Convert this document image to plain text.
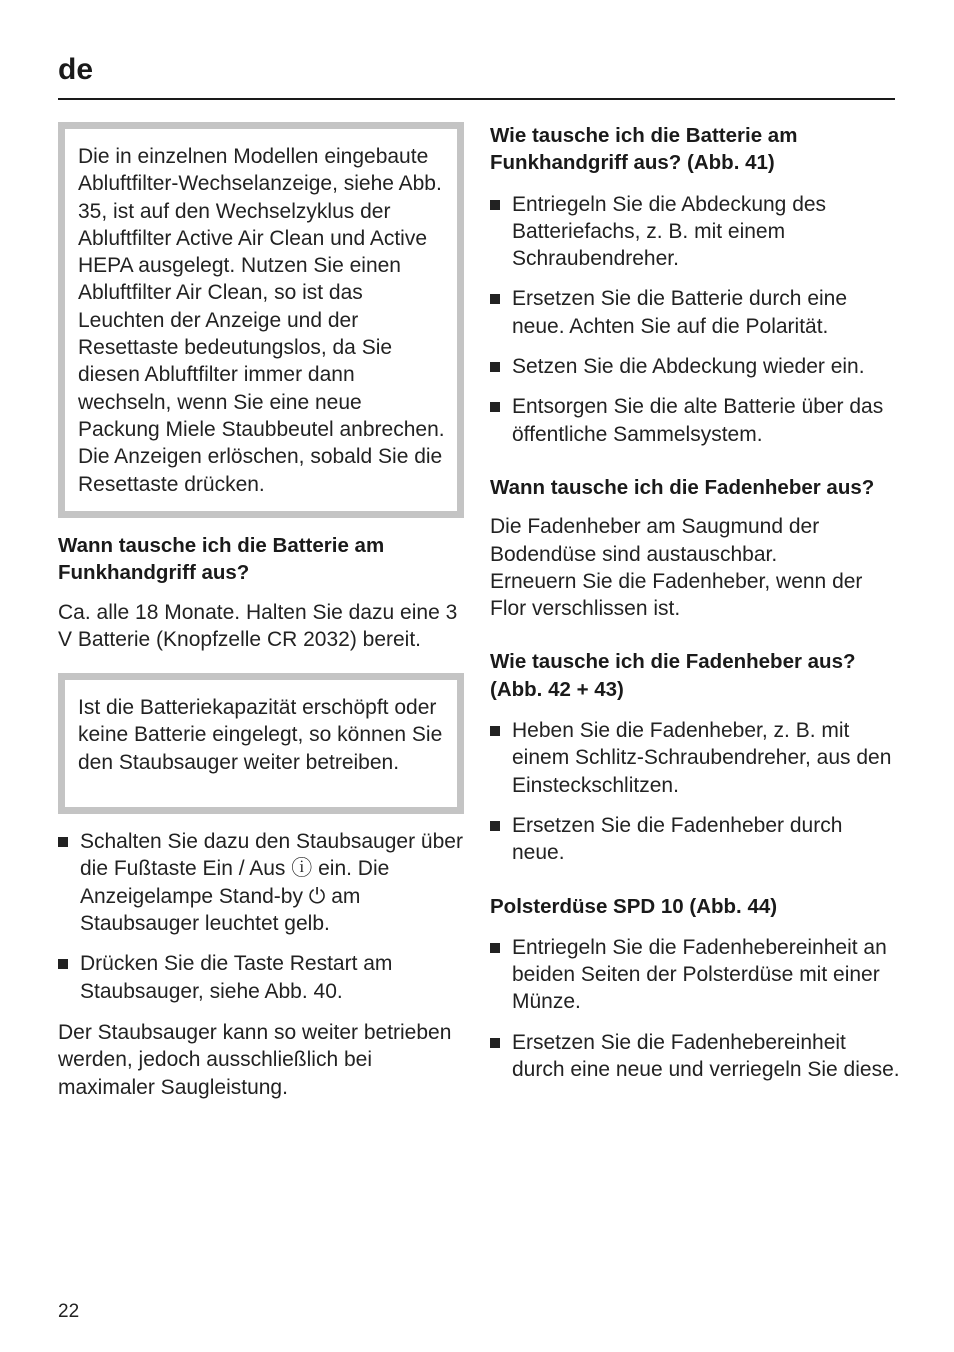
de

Die in einzelnen Modellen eingebaute Abluftfilter-Wechselanzeige, siehe Abb. 35, ist auf den Wechselzyklus der Abluftfilter Active Air Clean und Active HEPA ausgelegt. Nutzen Sie einen Abluftfilter Air Clean, so ist das Leuchten der Anzeige und der Resettaste bedeutungslos, da Sie diesen Abluftfilter immer dann wechseln, wenn Sie eine neue Packung Miele Staubbeutel anbrechen. Die Anzeigen erlöschen, sobald Sie die Resettaste drücken.

Wann tausche ich die Batterie am Funkhandgriff aus?

Ca. alle 18 Monate. Halten Sie dazu eine 3 V Batterie (Knopfzelle CR 2032) bereit.

Ist die Batteriekapazität erschöpft oder keine Batterie eingelegt, so können Sie den Staubsauger weiter betreiben.

Schalten Sie dazu den Staubsauger über die Fußtaste Ein / Aus ⓘ ein. Die Anzeigelampe Stand-by ⏻ am Staubsauger leuchtet gelb.
Drücken Sie die Taste Restart am Staubsauger, siehe Abb. 40.

Der Staubsauger kann so weiter betrieben werden, jedoch ausschließlich bei maximaler Saugleistung.

Wie tausche ich die Batterie am Funkhandgriff aus? (Abb. 41)
Entriegeln Sie die Abdeckung des Batteriefachs, z. B. mit einem Schraubendreher.
Ersetzen Sie die Batterie durch eine neue. Achten Sie auf die Polarität.
Setzen Sie die Abdeckung wieder ein.
Entsorgen Sie die alte Batterie über das öffentliche Sammelsystem.
Wann tausche ich die Fadenheber aus?

Die Fadenheber am Saugmund der Bodendüse sind austauschbar.

Erneuern Sie die Fadenheber, wenn der Flor verschlissen ist.

Wie tausche ich die Fadenheber aus? (Abb. 42 + 43)
Heben Sie die Fadenheber, z. B. mit einem Schlitz-Schraubendreher, aus den Einsteckschlitzen.
Ersetzen Sie die Fadenheber durch neue.
Polsterdüse SPD 10 (Abb. 44)
Entriegeln Sie die Fadenhebereinheit an beiden Seiten der Polsterdüse mit einer Münze.
Ersetzen Sie die Fadenhebereinheit durch eine neue und verriegeln Sie diese.
22
